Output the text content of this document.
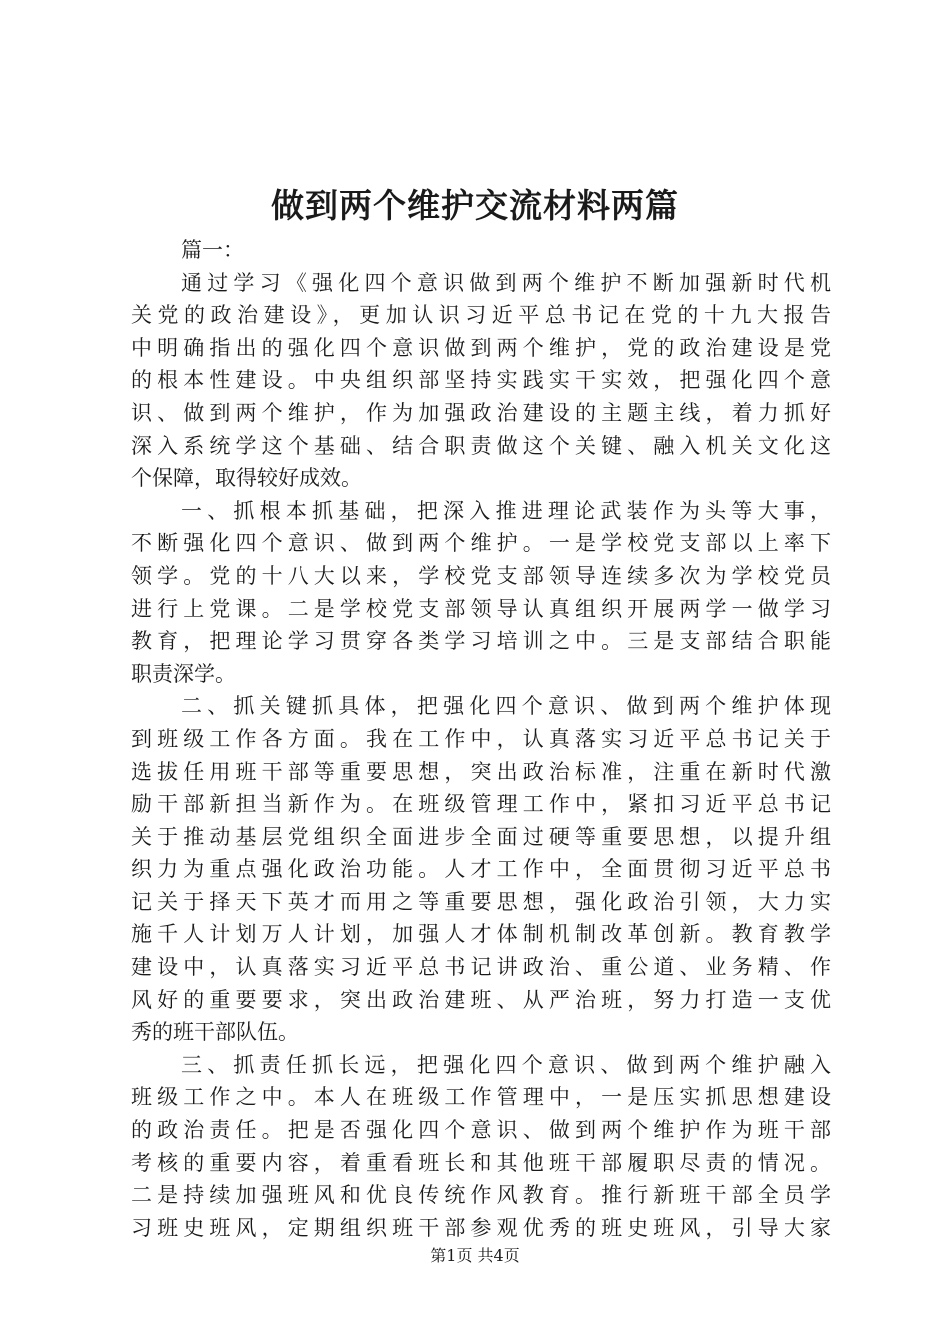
做到两个维护交流材料两篇
篇一：
通过学习《强化四个意识做到两个维护不断加强新时代机
关党的政治建设》，更加认识习近平总书记在党的十九大报告
中明确指出的强化四个意识做到两个维护，党的政治建设是党
的根本性建设。中央组织部坚持实践实干实效，把强化四个意
识、做到两个维护，作为加强政治建设的主题主线，着力抓好
深入系统学这个基础、结合职责做这个关键、融入机关文化这
个保障，取得较好成效。
一、抓根本抓基础，把深入推进理论武装作为头等大事，
不断强化四个意识、做到两个维护。一是学校党支部以上率下
领学。党的十八大以来，学校党支部领导连续多次为学校党员
进行上党课。二是学校党支部领导认真组织开展两学一做学习
教育，把理论学习贯穿各类学习培训之中。三是支部结合职能
职责深学。
二、抓关键抓具体，把强化四个意识、做到两个维护体现
到班级工作各方面。我在工作中，认真落实习近平总书记关于
选拔任用班干部等重要思想，突出政治标准，注重在新时代激
励干部新担当新作为。在班级管理工作中，紧扣习近平总书记
关于推动基层党组织全面进步全面过硬等重要思想，以提升组
织力为重点强化政治功能。人才工作中，全面贯彻习近平总书
记关于择天下英才而用之等重要思想，强化政治引领，大力实
施千人计划万人计划，加强人才体制机制改革创新。教育教学
建设中，认真落实习近平总书记讲政治、重公道、业务精、作
风好的重要要求，突出政治建班、从严治班，努力打造一支优
秀的班干部队伍。
三、抓责任抓长远，把强化四个意识、做到两个维护融入
班级工作之中。本人在班级工作管理中，一是压实抓思想建设
的政治责任。把是否强化四个意识、做到两个维护作为班干部
考核的重要内容，着重看班长和其他班干部履职尽责的情况。
二是持续加强班风和优良传统作风教育。推行新班干部全员学
习班史班风，定期组织班干部参观优秀的班史班风，引导大家
第1页 共4页
